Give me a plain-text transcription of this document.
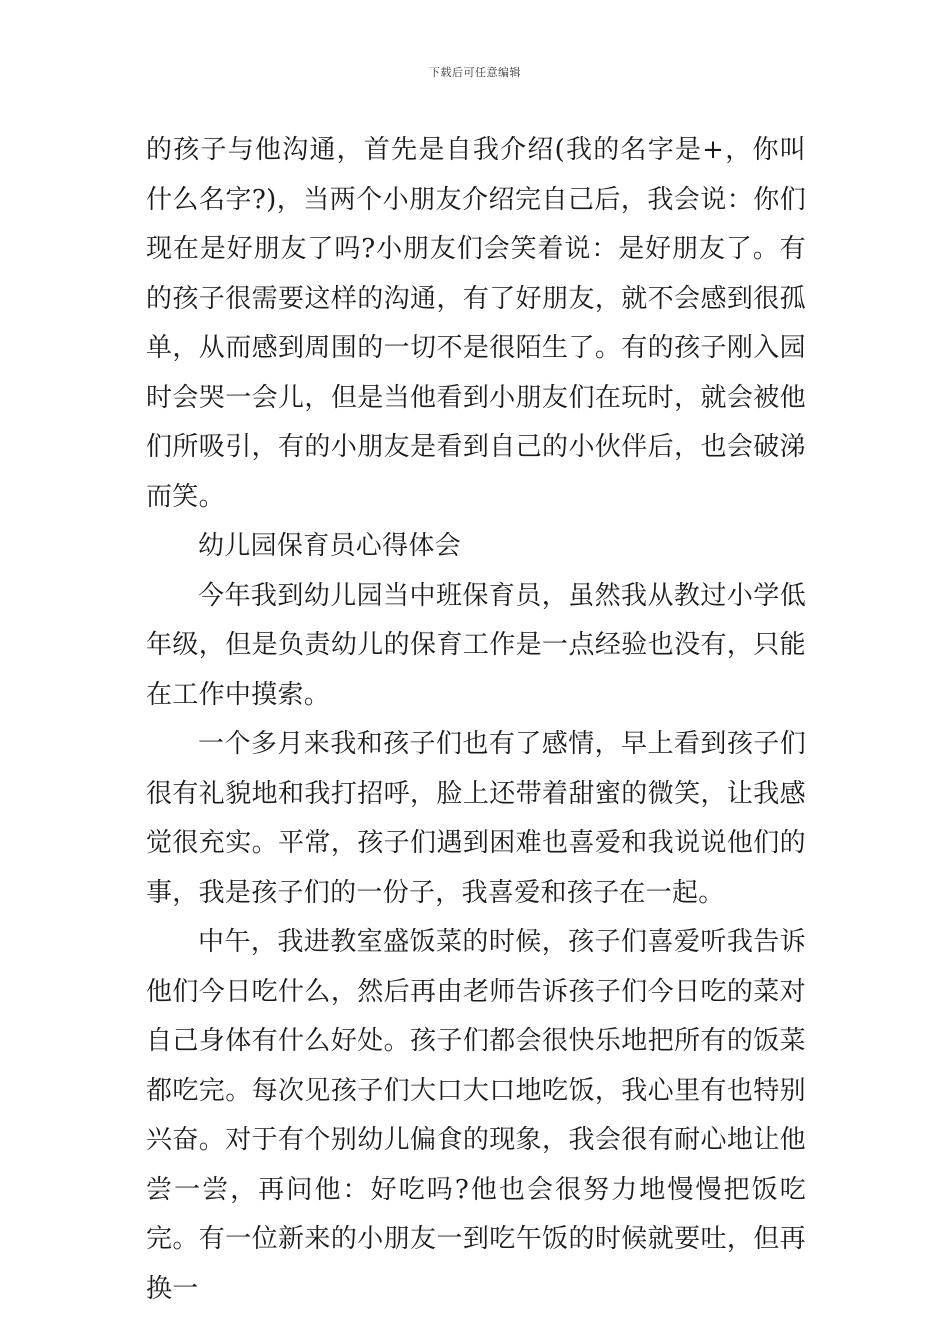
下载后可任意编辑

的孩子与他沟通，首先是自我介绍(我的名字是+，你叫什么名字?)，当两个小朋友介绍完自己后，我会说：你们现在是好朋友了吗?小朋友们会笑着说：是好朋友了。有的孩子很需要这样的沟通，有了好朋友，就不会感到很孤单，从而感到周围的一切不是很陌生了。有的孩子刚入园时会哭一会儿，但是当他看到小朋友们在玩时，就会被他们所吸引，有的小朋友是看到自己的小伙伴后，也会破涕而笑。

幼儿园保育员心得体会

今年我到幼儿园当中班保育员，虽然我从教过小学低年级，但是负责幼儿的保育工作是一点经验也没有，只能在工作中摸索。

一个多月来我和孩子们也有了感情，早上看到孩子们很有礼貌地和我打招呼，脸上还带着甜蜜的微笑，让我感觉很充实。平常，孩子们遇到困难也喜爱和我说说他们的事，我是孩子们的一份子，我喜爱和孩子在一起。

中午，我进教室盛饭菜的时候，孩子们喜爱听我告诉他们今日吃什么，然后再由老师告诉孩子们今日吃的菜对自己身体有什么好处。孩子们都会很快乐地把所有的饭菜都吃完。每次见孩子们大口大口地吃饭，我心里有也特别兴奋。对于有个别幼儿偏食的现象，我会很有耐心地让他尝一尝，再问他：好吃吗?他也会很努力地慢慢把饭吃完。有一位新来的小朋友一到吃午饭的时候就要吐，但再换一
